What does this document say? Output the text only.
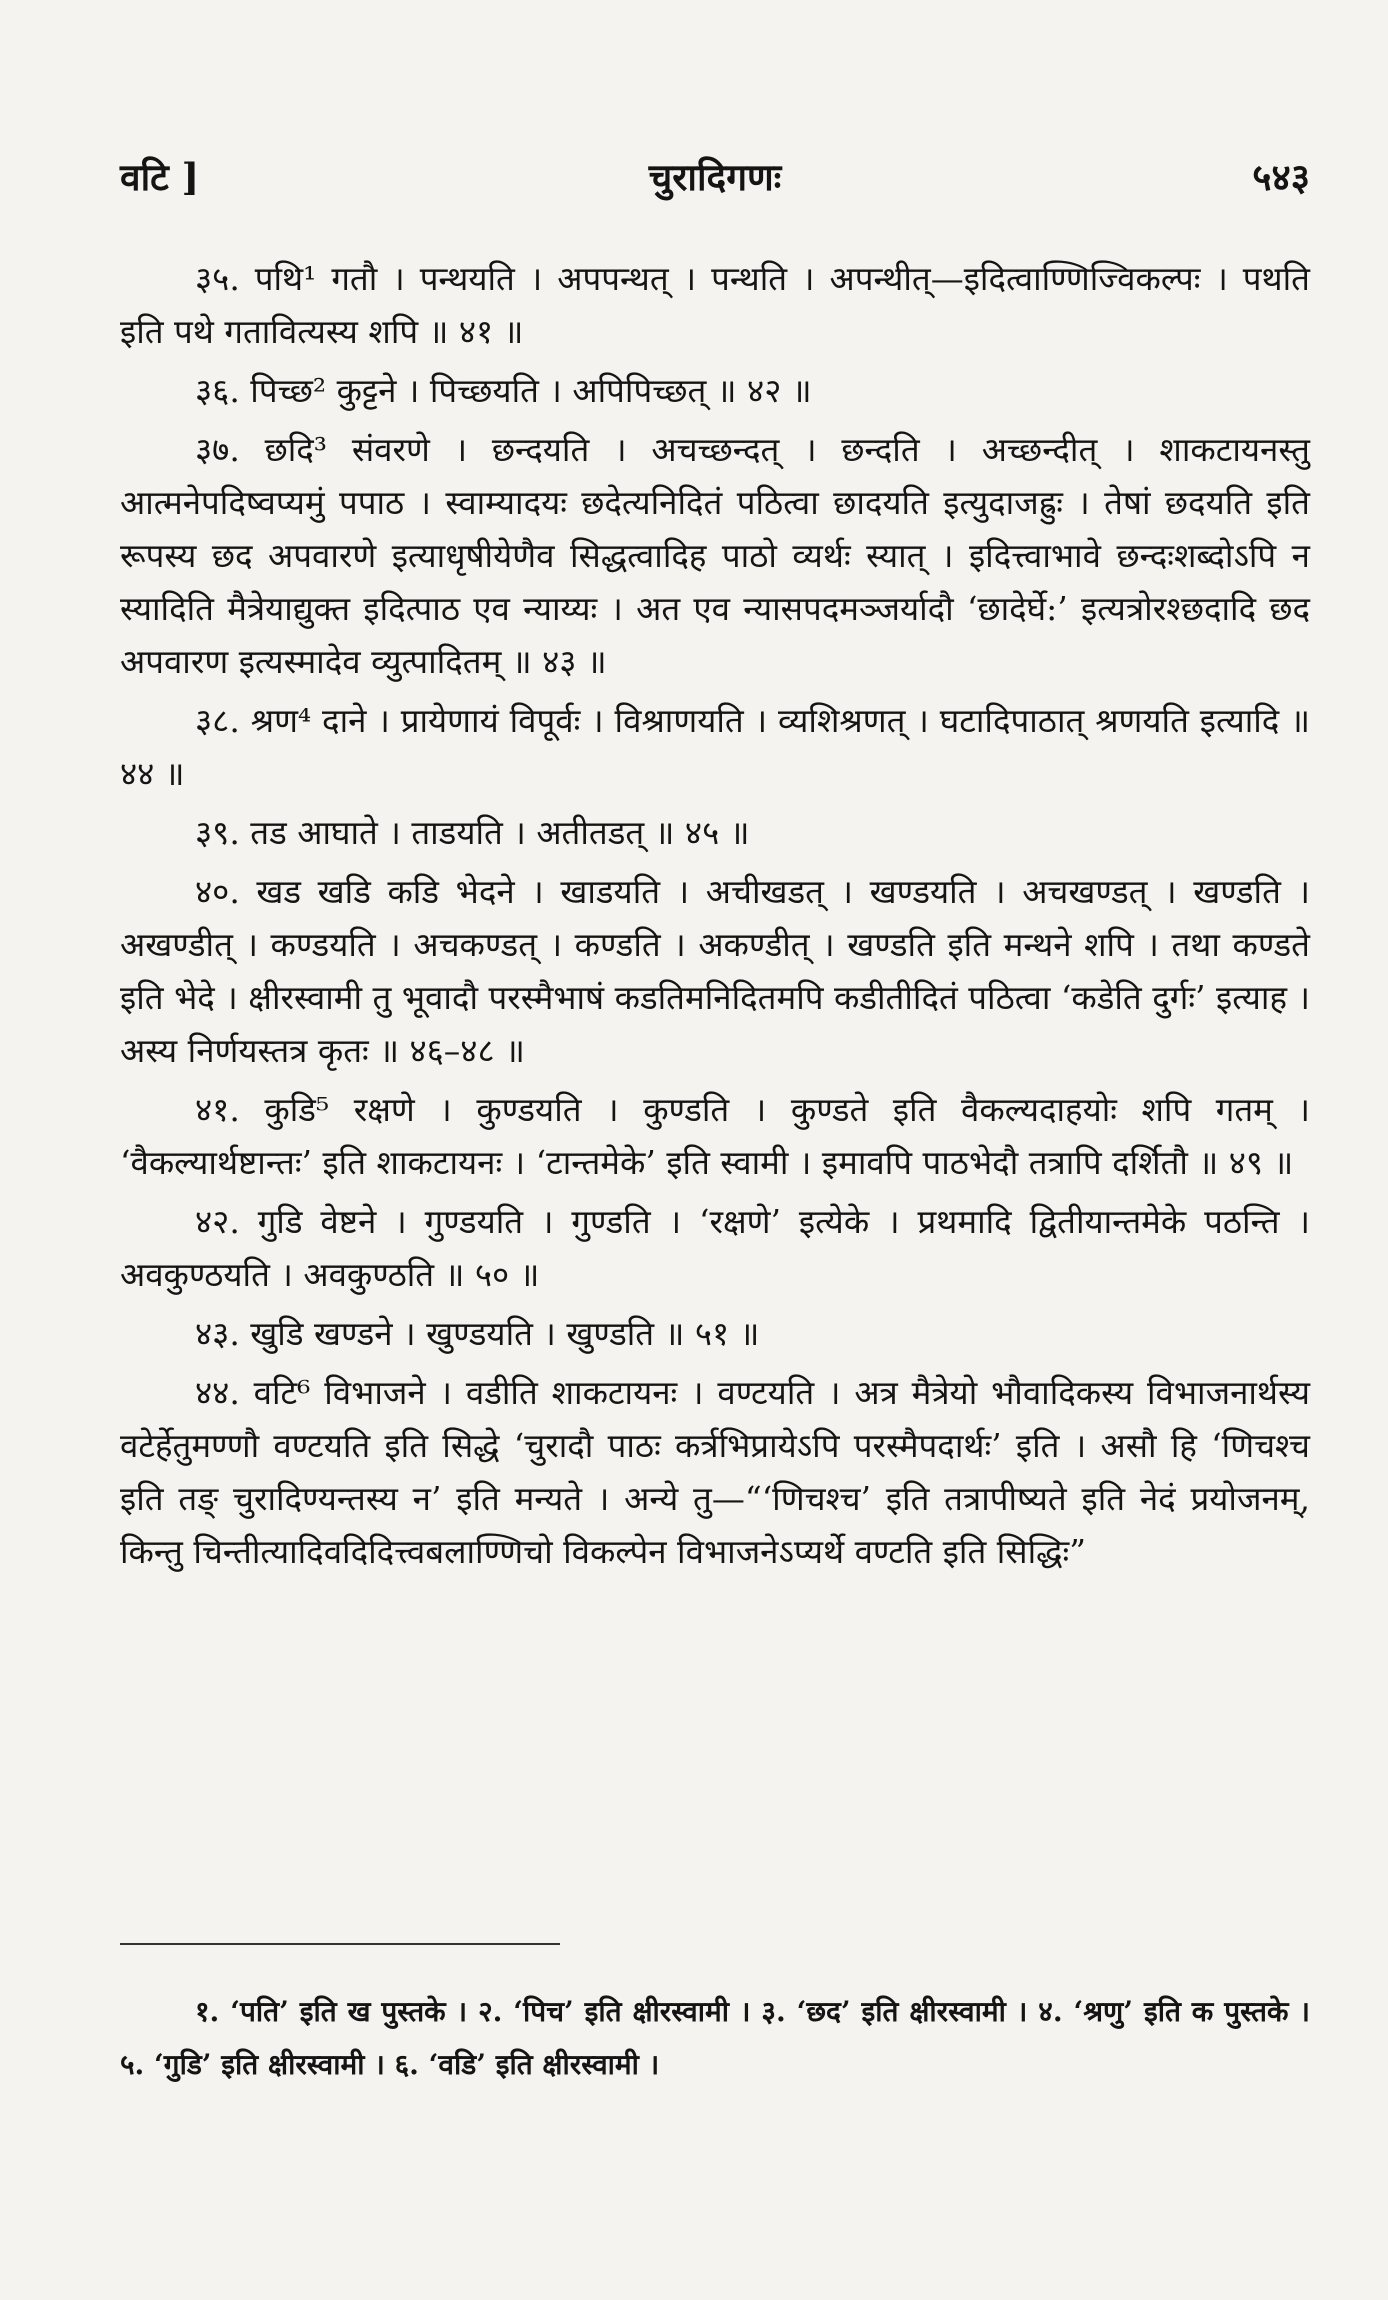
वटि ]	चुरादिगणः	५४३

३५. पथि¹ गतौ । पन्थयति । अपपन्थत् । पन्थति । अपन्थीत्—इदित्वाण्णिज्विकल्पः । पथति इति पथे गतावित्यस्य शपि ॥ ४१ ॥

३६. पिच्छ² कुट्टने । पिच्छयति । अपिपिच्छत् ॥ ४२ ॥

३७. छदि³ संवरणे । छन्दयति । अचच्छन्दत् । छन्दति । अच्छन्दीत् । शाकटायनस्तु आत्मनेपदिष्वप्यमुं पपाठ । स्वाम्यादयः छदेत्यनिदितं पठित्वा छादयति इत्युदाजह्रुः । तेषां छदयति इति रूपस्य छद अपवारणे इत्याधृषीयेणैव सिद्धत्वादिह पाठो व्यर्थः स्यात् । इदित्त्वाभावे छन्दःशब्दोऽपि न स्यादिति मैत्रेयाद्युक्त इदित्पाठ एव न्याय्यः । अत एव न्यासपदमञ्जर्यादौ ‘छादेर्घे:’ इत्यत्रोरश्छदादि छद अपवारण इत्यस्मादेव व्युत्पादितम् ॥ ४३ ॥

३८. श्रण⁴ दाने । प्रायेणायं विपूर्वः । विश्राणयति । व्यशिश्रणत् । घटादिपाठात् श्रणयति इत्यादि ॥ ४४ ॥

३९. तड आघाते । ताडयति । अतीतडत् ॥ ४५ ॥

४०. खड खडि कडि भेदने । खाडयति । अचीखडत् । खण्डयति । अचखण्डत् । खण्डति । अखण्डीत् । कण्डयति । अचकण्डत् । कण्डति । अकण्डीत् । खण्डति इति मन्थने शपि । तथा कण्डते इति भेदे । क्षीरस्वामी तु भूवादौ परस्मैभाषं कडतिमनिदितमपि कडीतीदितं पठित्वा ‘कडेति दुर्गः’ इत्याह । अस्य निर्णयस्तत्र कृतः ॥ ४६–४८ ॥

४१. कुडि⁵ रक्षणे । कुण्डयति । कुण्डति । कुण्डते इति वैकल्यदाहयोः शपि गतम् । ‘वैकल्यार्थष्टान्तः’ इति शाकटायनः । ‘टान्तमेके’ इति स्वामी । इमावपि पाठभेदौ तत्रापि दर्शितौ ॥ ४९ ॥

४२. गुडि वेष्टने । गुण्डयति । गुण्डति । ‘रक्षणे’ इत्येके । प्रथमादि द्वितीयान्तमेके पठन्ति । अवकुण्ठयति । अवकुण्ठति ॥ ५० ॥

४३. खुडि खण्डने । खुण्डयति । खुण्डति ॥ ५१ ॥

४४. वटि⁶ विभाजने । वडीति शाकटायनः । वण्टयति । अत्र मैत्रेयो भौवादिकस्य विभाजनार्थस्य वटेर्हेतुमण्णौ वण्टयति इति सिद्धे ‘चुरादौ पाठः कर्त्रभिप्रायेऽपि परस्मैपदार्थः’ इति । असौ हि ‘णिचश्च इति तङ् चुरादिण्यन्तस्य न’ इति मन्यते । अन्ये तु—“‘णिचश्च’ इति तत्रापीष्यते इति नेदं प्रयोजनम्, किन्तु चिन्तीत्यादिवदिदित्त्वबलाण्णिचो विकल्पेन विभाजनेऽप्यर्थे वण्टति इति सिद्धिः”

१. ‘पति’ इति ख पुस्तके । २. ‘पिच’ इति क्षीरस्वामी । ३. ‘छद’ इति क्षीरस्वामी । ४. ‘श्रणु’ इति क पुस्तके । ५. ‘गुडि’ इति क्षीरस्वामी । ६. ‘वडि’ इति क्षीरस्वामी ।
